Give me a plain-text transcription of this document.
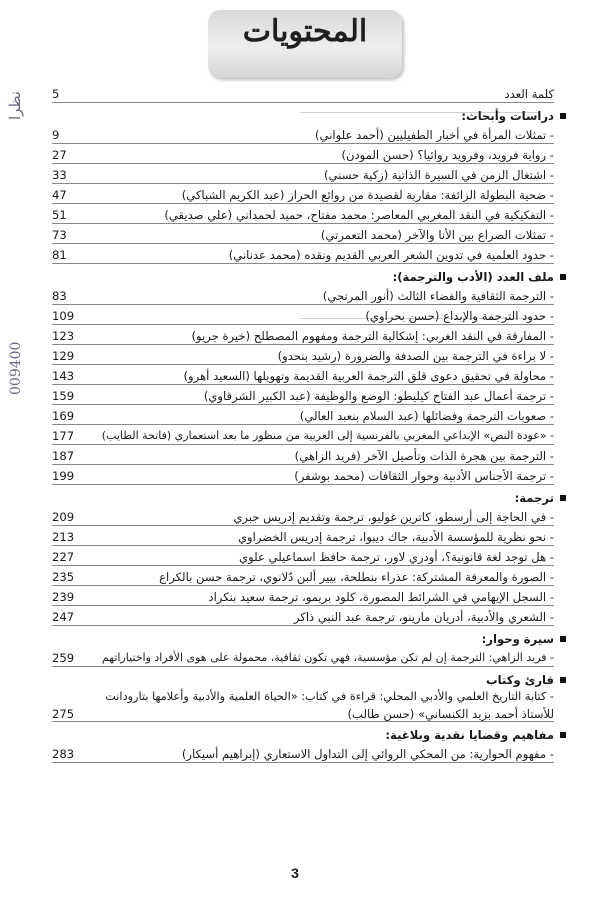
المحتويات
نظرا
009400
كلمة العدد
5
دراسات وأبحاث:
- تمثلات المرأة في أخبار الطفيليين (أحمد علواني)
9
- رواية فرويد، وفرويد روائيا؟ (حسن المودن)
27
- اشتغال الزمن في السيرة الذاتية (زكية حسني)
33
- ضحية البطولة الزائفة: مقاربة لقصيدة من روائع الحراز (عبد الكريم الشباكي)
47
- التفكيكية في النقد المغربي المعاصر: محمد مفتاح، حميد لحمداني (علي صديقي)
51
- تمثلات الصراع بين الأنا والآخر (محمد التعمرتي)
73
- حدود العلمية في تدوين الشعر العربي القديم ونقده (محمد عدناني)
81
ملف العدد (الأدب والترجمة):
- الترجمة الثقافية والفضاء الثالث (أنور المرتجي)
83
- حدود الترجمة والإبداع (حسن بحراوي)
109
- المفارقة في النقد الغربي: إشكالية الترجمة ومفهوم المصطلح (خيرة جريو)
123
- لا براءة في الترجمة بين الصدفة والضرورة (رشيد بنحدو)
129
- محاولة في تحقيق دعوى قلق الترجمة العربية القديمة وتهويلها (السعيد أهرو)
143
- ترجمة أعمال عبد الفتاح كيليطو: الوضع والوظيفة (عبد الكبير الشرقاوي)
159
- صعوبات الترجمة وفضائلها (عبد السلام بنعبد العالي)
169
- «عودة النص» الإبداعي المغربي بالفرنسية إلى العربية من منظور ما بعد استعماري (فاتحة الطايب)
177
- الترجمة بين هجرة الذات وتأصيل الآخر (فريد الزاهي)
187
- ترجمة الأجناس الأدبية وحوار الثقافات (محمد بوشفر)
199
ترجمة:
- في الحاجة إلى أرسطو، كاترين غوليو، ترجمة وتقديم إدريس جبري
209
- نحو نظرية للمؤسسة الأدبية، جاك ديبوا، ترجمة إدريس الخضراوي
213
- هل توجد لغة قانونية؟، أودري لاور، ترجمة حافظ اسماعيلي علوي
227
- الصورة والمعرفة المشتركة: عذراء بنطلحة، بيير ألبن دُلانوي، ترجمة حسن بالكراع
235
- السجل الإيهامي في الشرائط المصورة، كلود بريمو، ترجمة سعيد بنكراد
239
- الشعري والأدبية، أدريان مارينو، ترجمة عبد النبي ذاكر
247
سيرة وحوار:
- فريد الزاهي: الترجمة إن لم تكن مؤسسية، فهي تكون ثقافية، محمولة على هوى الأفراد واختياراتهم
259
قارئ وكتاب
- كتابة التاريخ العلمي والأدبي المحلي: قراءة في كتاب: «الحياة العلمية والأدبية وأعلامها بتارودانت
للأستاذ أحمد بزيد الكنساني» (حسن طالب)
275
مفاهيم وقضايا نقدية وبلاغية:
- مفهوم الحوارية: من المحكي الروائي إلى التداول الاستعاري (إبراهيم أسيكار)
283
3
